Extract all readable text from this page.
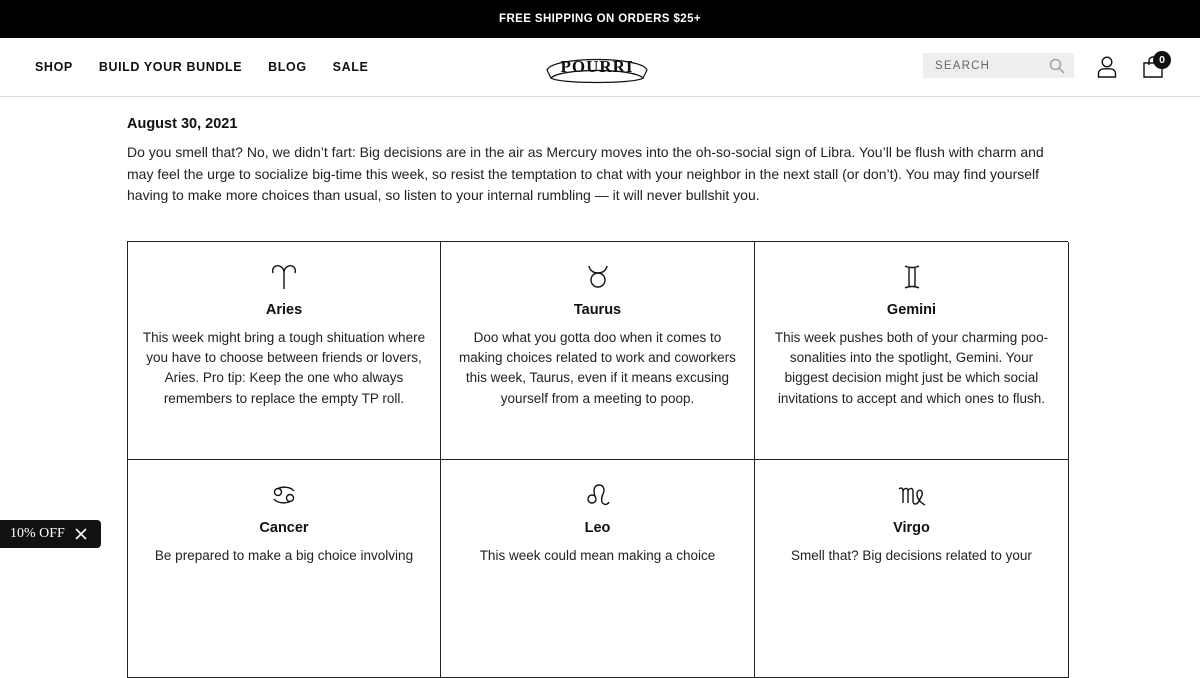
FREE SHIPPING ON ORDERS $25+
SHOP BUILD YOUR BUNDLE BLOG SALE	POURRI
SEARCH	0
August 30, 2021

Do you smell that? No, we didn’t fart: Big decisions are in the air as Mercury moves into the oh-so-social sign of Libra. You’ll be flush with charm and may feel the urge to socialize big-time this week, so resist the temptation to chat with your neighbor in the next stall (or don’t). You may find yourself having to make more choices than usual, so listen to your internal rumbling — it will never bullshit you.

Aries

This week might bring a tough shituation where you have to choose between friends or lovers, Aries. Pro tip: Keep the one who always remembers to replace the empty TP roll.

Taurus

Doo what you gotta doo when it comes to making choices related to work and coworkers this week, Taurus, even if it means excusing yourself from a meeting to poop.

Gemini

This week pushes both of your charming poo-sonalities into the spotlight, Gemini. Your biggest decision might just be which social invitations to accept and which ones to flush.

Cancer

Be prepared to make a big choice involving

Leo

This week could mean making a choice

Virgo

Smell that? Big decisions related to your

10% OFF
